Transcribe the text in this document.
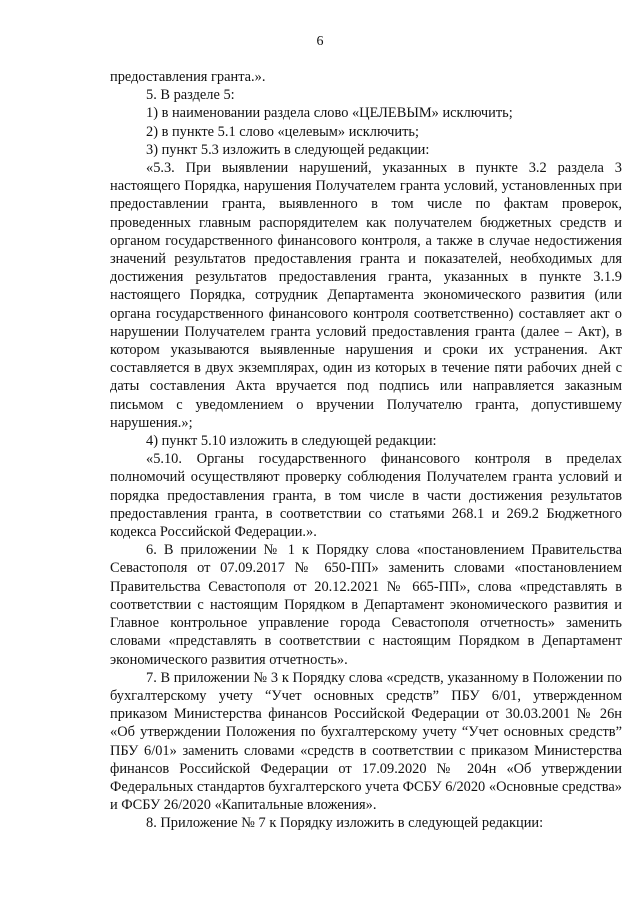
6

предоставления гранта.».

5. В разделе 5:

1) в наименовании раздела слово «ЦЕЛЕВЫМ» исключить;

2) в пункте 5.1 слово «целевым» исключить;

3) пункт 5.3 изложить в следующей редакции:

«5.3. При выявлении нарушений, указанных в пункте 3.2 раздела 3 настоящего Порядка, нарушения Получателем гранта условий, установленных при предоставлении гранта, выявленного в том числе по фактам проверок, проведенных главным распорядителем как получателем бюджетных средств и органом государственного финансового контроля, а также в случае недостижения значений результатов предоставления гранта и показателей, необходимых для достижения результатов предоставления гранта, указанных в пункте 3.1.9 настоящего Порядка, сотрудник Департамента экономического развития (или органа государственного финансового контроля соответственно) составляет акт о нарушении Получателем гранта условий предоставления гранта (далее – Акт), в котором указываются выявленные нарушения и сроки их устранения. Акт составляется в двух экземплярах, один из которых в течение пяти рабочих дней с даты составления Акта вручается под подпись или направляется заказным письмом с уведомлением о вручении Получателю гранта, допустившему нарушения.»;

4) пункт 5.10 изложить в следующей редакции:

«5.10. Органы государственного финансового контроля в пределах полномочий осуществляют проверку соблюдения Получателем гранта условий и порядка предоставления гранта, в том числе в части достижения результатов предоставления гранта, в соответствии со статьями 268.1 и 269.2 Бюджетного кодекса Российской Федерации.».

6. В приложении № 1 к Порядку слова «постановлением Правительства Севастополя от 07.09.2017 № 650-ПП» заменить словами «постановлением Правительства Севастополя от 20.12.2021 № 665-ПП», слова «представлять в соответствии с настоящим Порядком в Департамент экономического развития и Главное контрольное управление города Севастополя отчетность» заменить словами «представлять в соответствии с настоящим Порядком в Департамент экономического развития отчетность».

7. В приложении № 3 к Порядку слова «средств, указанному в Положении по бухгалтерскому учету “Учет основных средств” ПБУ 6/01, утвержденном приказом Министерства финансов Российской Федерации от 30.03.2001 № 26н «Об утверждении Положения по бухгалтерскому учету “Учет основных средств” ПБУ 6/01» заменить словами «средств в соответствии с приказом Министерства финансов Российской Федерации от 17.09.2020 № 204н «Об утверждении Федеральных стандартов бухгалтерского учета ФСБУ 6/2020 «Основные средства» и ФСБУ 26/2020 «Капитальные вложения».

8. Приложение № 7 к Порядку изложить в следующей редакции:
